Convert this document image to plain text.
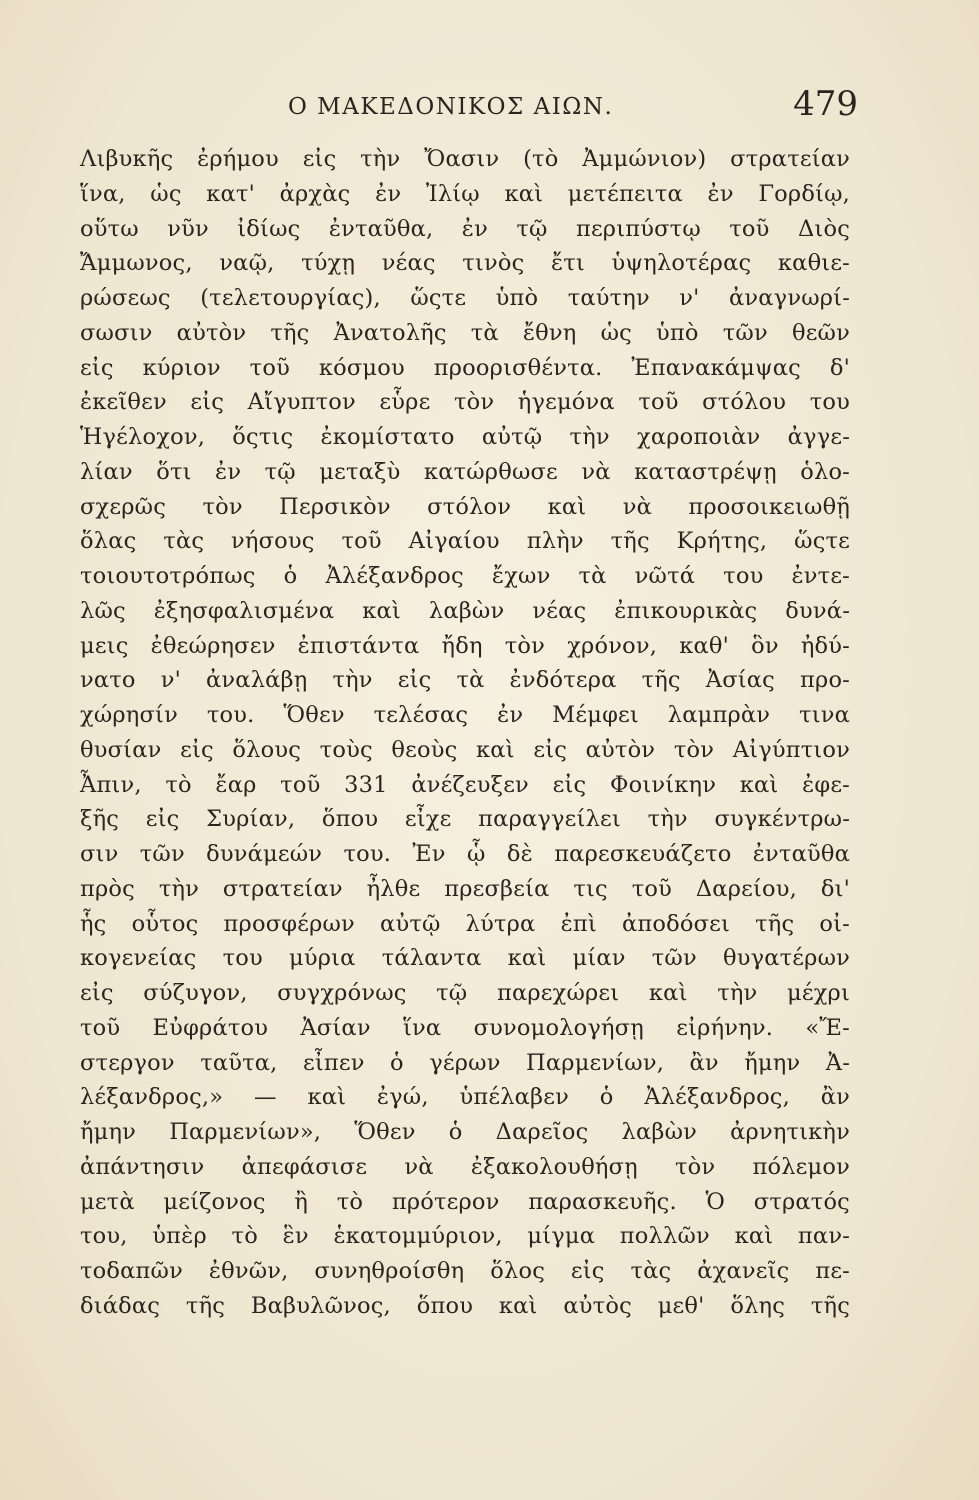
Ο ΜΑΚΕΔΟΝΙΚΟΣ ΑΙΩΝ.	479
Λιβυκῆς ἐρήμου εἰς τὴν Ὄασιν (τὸ Ἀμμώνιον) στρατείαν
ἵνα, ὡς κατ' ἀρχὰς ἐν Ἰλίῳ καὶ μετέπειτα ἐν Γορδίῳ,
οὕτω νῦν ἰδίως ἐνταῦθα, ἐν τῷ περιπύστῳ τοῦ Διὸς
Ἄμμωνος, ναῷ, τύχῃ νέας τινὸς ἔτι ὑψηλοτέρας καθιε-
ρώσεως (τελετουργίας), ὥςτε ὑπὸ ταύτην ν' ἀναγνωρί-
σωσιν αὐτὸν τῆς Ἀνατολῆς τὰ ἔθνη ὡς ὑπὸ τῶν θεῶν
εἰς κύριον τοῦ κόσμου προορισθέντα. Ἐπανακάμψας δ'
ἐκεῖθεν εἰς Αἴγυπτον εὗρε τὸν ἡγεμόνα τοῦ στόλου του
Ἡγέλοχον, ὅςτις ἐκομίστατο αὐτῷ τὴν χαροποιὰν ἀγγε-
λίαν ὅτι ἐν τῷ μεταξὺ κατώρθωσε νὰ καταστρέψῃ ὁλο-
σχερῶς τὸν Περσικὸν στόλον καὶ νὰ προσοικειωθῇ
ὅλας τὰς νήσους τοῦ Αἰγαίου πλὴν τῆς Κρήτης, ὥςτε
τοιουτοτρόπως ὁ Ἀλέξανδρος ἔχων τὰ νῶτά του ἐντε-
λῶς ἐξησφαλισμένα καὶ λαβὼν νέας ἐπικουρικὰς δυνά-
μεις ἐθεώρησεν ἐπιστάντα ἤδη τὸν χρόνον, καθ' ὃν ἠδύ-
νατο ν' ἀναλάβῃ τὴν εἰς τὰ ἐνδότερα τῆς Ἀσίας προ-
χώρησίν του. Ὅθεν τελέσας ἐν Μέμφει λαμπρὰν τινα
θυσίαν εἰς ὅλους τοὺς θεοὺς καὶ εἰς αὐτὸν τὸν Αἰγύπτιον
Ἆπιν, τὸ ἔαρ τοῦ 331 ἀνέζευξεν εἰς Φοινίκην καὶ ἐφε-
ξῆς εἰς Συρίαν, ὅπου εἶχε παραγγείλει τὴν συγκέντρω-
σιν τῶν δυνάμεών του. Ἐν ᾧ δὲ παρεσκευάζετο ἐνταῦθα
πρὸς τὴν στρατείαν ἦλθε πρεσβεία τις τοῦ Δαρείου, δι'
ἧς οὗτος προσφέρων αὐτῷ λύτρα ἐπὶ ἀποδόσει τῆς οἰ-
κογενείας του μύρια τάλαντα καὶ μίαν τῶν θυγατέρων
εἰς σύζυγον, συγχρόνως τῷ παρεχώρει καὶ τὴν μέχρι
τοῦ Εὐφράτου Ἀσίαν ἵνα συνομολογήσῃ εἰρήνην. «Ἔ-
στεργον ταῦτα, εἶπεν ὁ γέρων Παρμενίων, ἂν ἤμην Ἀ-
λέξανδρος,» — καὶ ἐγώ, ὑπέλαβεν ὁ Ἀλέξανδρος, ἂν
ἤμην Παρμενίων», Ὅθεν ὁ Δαρεῖος λαβὼν ἀρνητικὴν
ἀπάντησιν ἀπεφάσισε νὰ ἐξακολουθήσῃ τὸν πόλεμον
μετὰ μείζονος ἢ τὸ πρότερον παρασκευῆς. Ὁ στρατός
του, ὑπὲρ τὸ ἓν ἑκατομμύριον, μίγμα πολλῶν καὶ παν-
τοδαπῶν ἐθνῶν, συνηθροίσθη ὅλος εἰς τὰς ἀχανεῖς πε-
διάδας τῆς Βαβυλῶνος, ὅπου καὶ αὐτὸς μεθ' ὅλης τῆς
